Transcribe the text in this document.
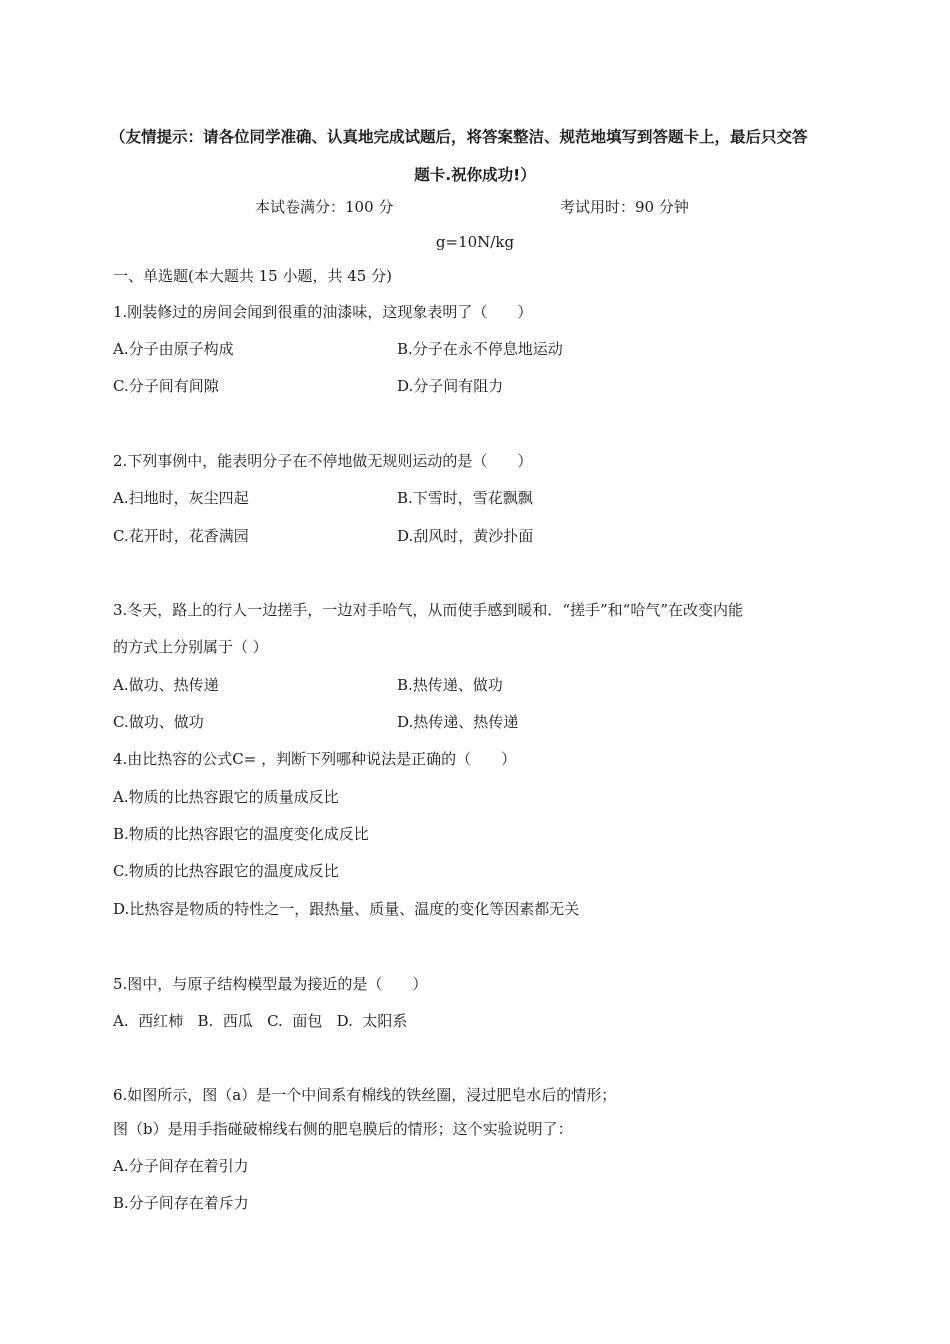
（友情提示：请各位同学准确、认真地完成试题后，将答案整洁、规范地填写到答题卡上，最后只交答
题卡.祝你成功!）
本试卷满分：100 分	考试用时：90 分钟
g=10N/kg
一、单选题(本大题共 15 小题，共 45 分)
1.刚装修过的房间会闻到很重的油漆味，这现象表明了（　　）
A.分子由原子构成	B.分子在永不停息地运动
C.分子间有间隙	D.分子间有阻力
2.下列事例中，能表明分子在不停地做无规则运动的是（　　）
A.扫地时，灰尘四起	B.下雪时，雪花飘飘
C.花开时，花香满园	D.刮风时，黄沙扑面
3.冬天，路上的行人一边搓手，一边对手哈气，从而使手感到暖和．“搓手”和“哈气”在改变内能
的方式上分别属于（ ）
A.做功、热传递	B.热传递、做功
C.做功、做功	D.热传递、热传递
4.由比热容的公式C= ，判断下列哪种说法是正确的（　　）
A.物质的比热容跟它的质量成反比
B.物质的比热容跟它的温度变化成反比
C.物质的比热容跟它的温度成反比
D.比热容是物质的特性之一，跟热量、质量、温度的变化等因素都无关
5.图中，与原子结构模型最为接近的是（　　）
A.  西红柿   B.  西瓜   C.  面包   D.  太阳系
6.如图所示，图（a）是一个中间系有棉线的铁丝圈，浸过肥皂水后的情形；
图（b）是用手指碰破棉线右侧的肥皂膜后的情形；这个实验说明了：
A.分子间存在着引力
B.分子间存在着斥力
